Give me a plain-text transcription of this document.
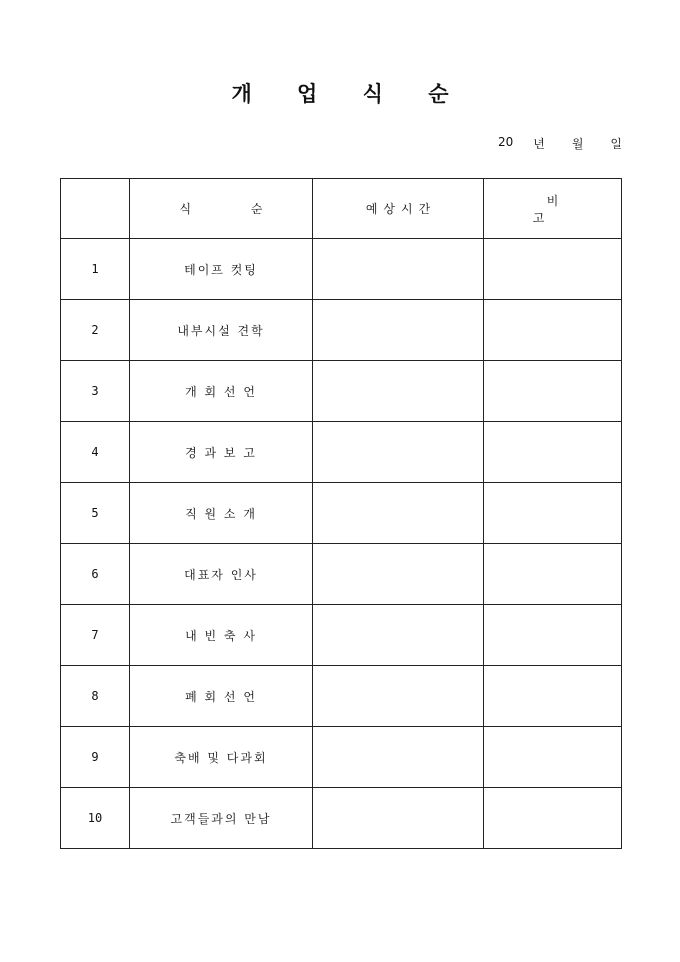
개 업 식 순
20 년 월 일
	식 순	예상시간	비 고
1	테이프 컷팅		
2	내부시설 견학		
3	개 회 선 언		
4	경 과 보 고		
5	직 원 소 개		
6	대표자 인사		
7	내 빈 축 사		
8	폐 회 선 언		
9	축배 및 다과회		
10	고객들과의 만남		
